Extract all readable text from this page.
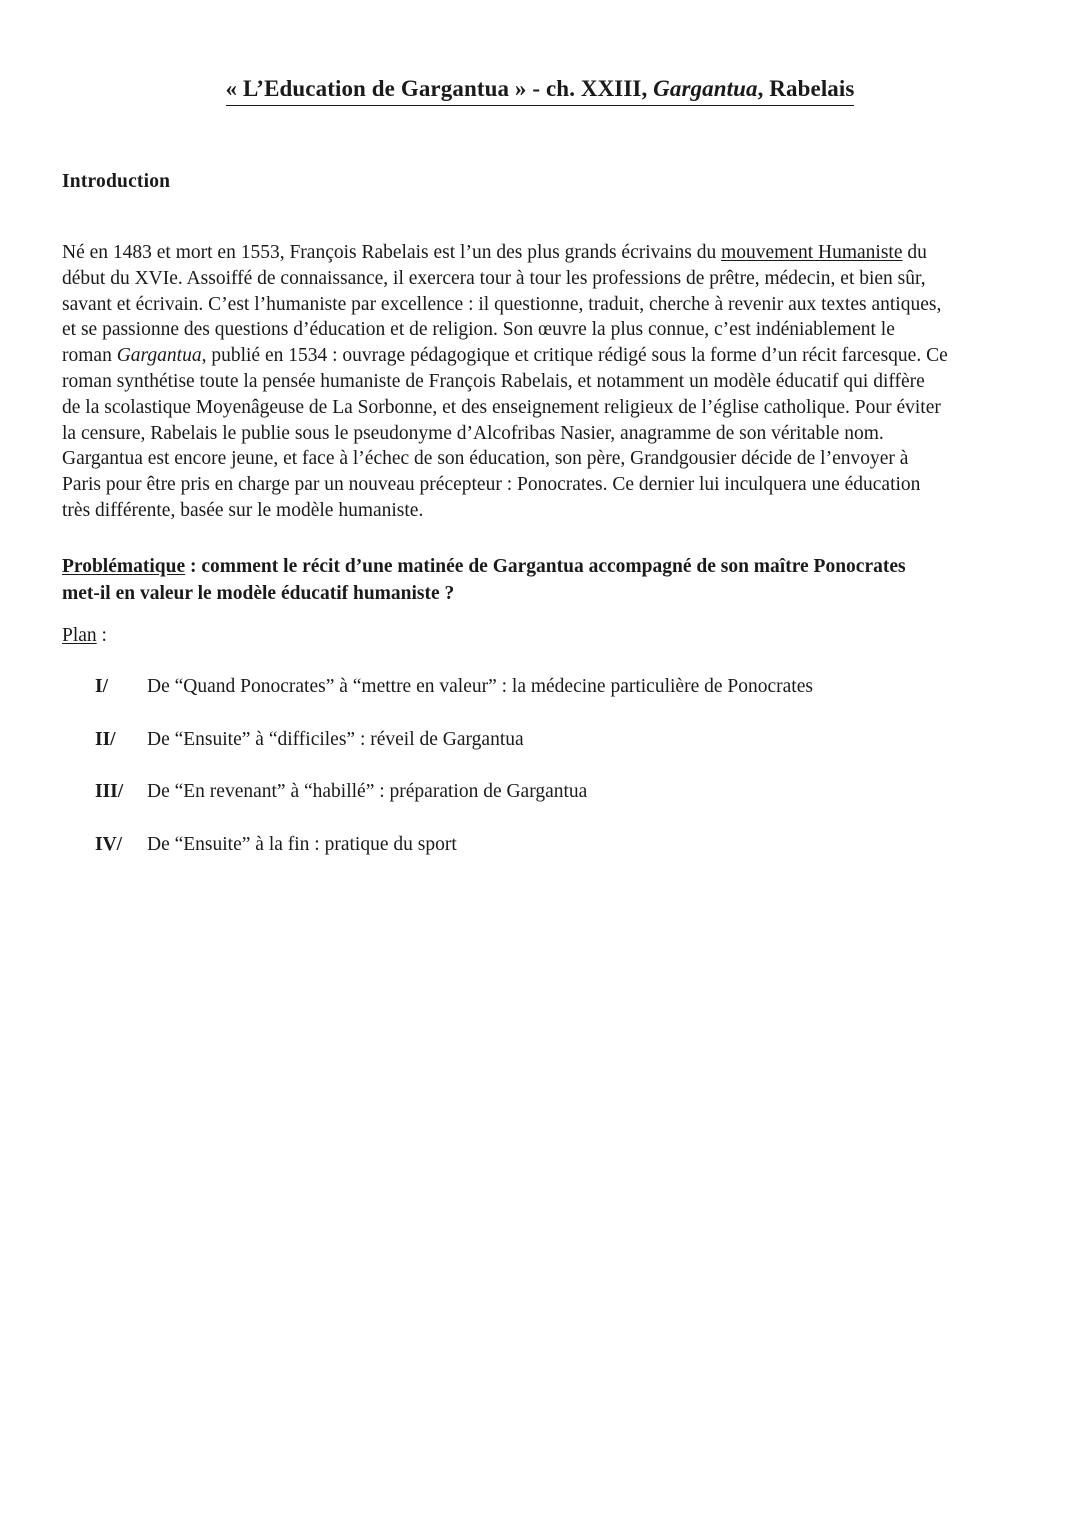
« L’Education de Gargantua » - ch. XXIII, Gargantua, Rabelais
Introduction
Né en 1483 et mort en 1553, François Rabelais est l’un des plus grands écrivains du mouvement Humaniste du
début du XVIe. Assoiffé de connaissance, il exercera tour à tour les professions de prêtre, médecin, et bien sûr,
savant et écrivain. C’est l’humaniste par excellence : il questionne, traduit, cherche à revenir aux textes antiques,
et se passionne des questions d’éducation et de religion. Son œuvre la plus connue, c’est indéniablement le
roman Gargantua, publié en 1534 : ouvrage pédagogique et critique rédigé sous la forme d’un récit farcesque. Ce
roman synthétise toute la pensée humaniste de François Rabelais, et notamment un modèle éducatif qui diffère
de la scolastique Moyenâgeuse de La Sorbonne, et des enseignement religieux de l’église catholique. Pour éviter
la censure, Rabelais le publie sous le pseudonyme d’Alcofribas Nasier, anagramme de son véritable nom.
Gargantua est encore jeune, et face à l’échec de son éducation, son père, Grandgousier décide de l’envoyer à
Paris pour être pris en charge par un nouveau précepteur : Ponocrates. Ce dernier lui inculquera une éducation
très différente, basée sur le modèle humaniste.
Problématique : comment le récit d’une matinée de Gargantua accompagné de son maître Ponocrates
met-il en valeur le modèle éducatif humaniste ?
Plan :
I/	De “Quand Ponocrates” à “mettre en valeur” : la médecine particulière de Ponocrates
II/	De “Ensuite” à “difficiles” : réveil de Gargantua
III/	De “En revenant” à “habillé” : préparation de Gargantua
IV/	De “Ensuite” à la fin : pratique du sport
